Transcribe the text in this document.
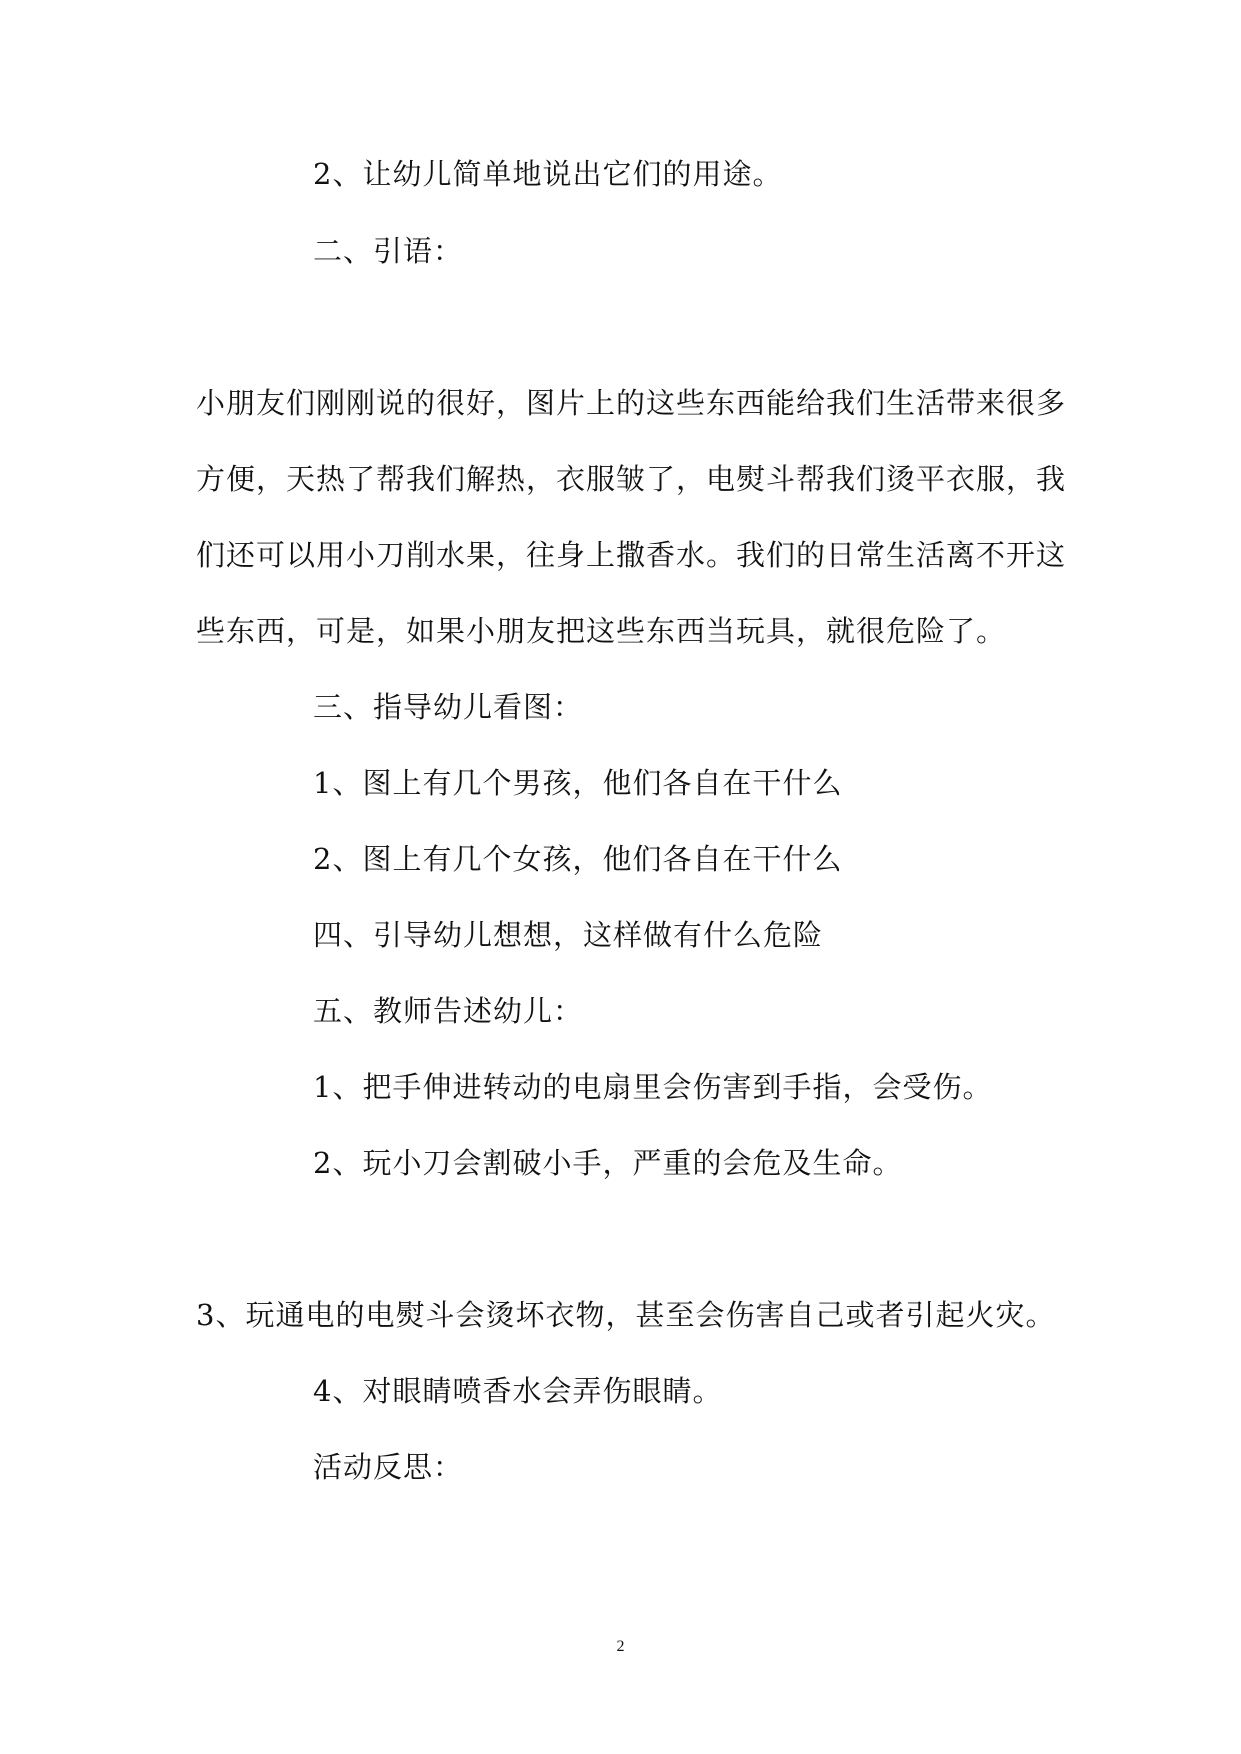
2、让幼儿简单地说出它们的用途。
二、引语：
小朋友们刚刚说的很好，图片上的这些东西能给我们生活带来很多
方便，天热了帮我们解热，衣服皱了，电熨斗帮我们烫平衣服，我
们还可以用小刀削水果，往身上撒香水。我们的日常生活离不开这
些东西，可是，如果小朋友把这些东西当玩具，就很危险了。
三、指导幼儿看图：
1、图上有几个男孩，他们各自在干什么
2、图上有几个女孩，他们各自在干什么
四、引导幼儿想想，这样做有什么危险
五、教师告述幼儿：
1、把手伸进转动的电扇里会伤害到手指，会受伤。
2、玩小刀会割破小手，严重的会危及生命。
3、玩通电的电熨斗会烫坏衣物，甚至会伤害自己或者引起火灾。
4、对眼睛喷香水会弄伤眼睛。
活动反思：
2
